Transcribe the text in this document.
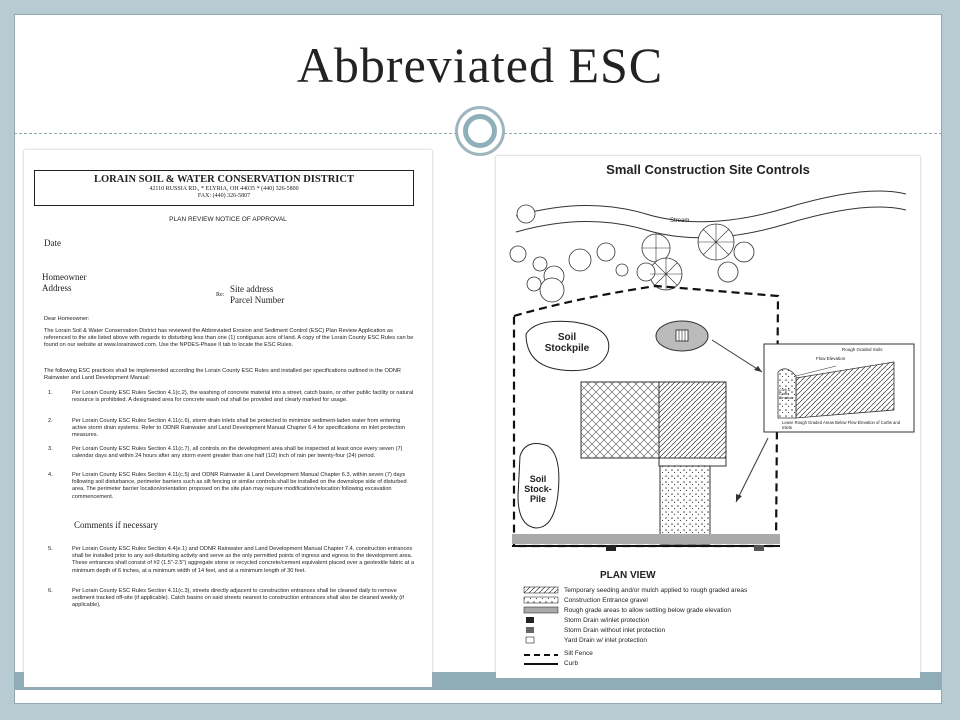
Abbreviated ESC
LORAIN SOIL & WATER CONSERVATION DISTRICT
42110 RUSSIA RD., * ELYRIA, OH 44035 * (440) 326-5800
FAX: (440) 326-5807
PLAN REVIEW NOTICE OF APPROVAL
Date
Homeowner
Address
Re:
Site address
Parcel Number
Dear Homeowner:
The Lorain Soil & Water Conservation District has reviewed the Abbreviated Erosion and Sediment Control (ESC) Plan Review Application as referenced to the site listed above with regards to disturbing less than one (1) contiguous acre of land. A copy of the Lorain County ESC Rules can be found on our website at www.lorainswcd.com. Use the NPDES-Phase II tab to locate the ESC Rules.
The following ESC practices shall be implemented according the Lorain County ESC Rules and installed per specifications outlined in the ODNR Rainwater and Land Development Manual:
1.	Per Lorain County ESC Rules Section 4.1(c.2), the washing of concrete material into a street, catch basin, or other public facility or natural resource is prohibited. A designated area for concrete wash out shall be provided and clearly marked for usage.
2.	Per Lorain County ESC Rules Section 4.11(c.6), storm drain inlets shall be protected to minimize sediment-laden water from entering active storm drain systems. Refer to ODNR Rainwater and Land Development Manual Chapter 6.4 for specifications on inlet protection measures.
3.	Per Lorain County ESC Rules Section 4.11(c.7), all controls on the development area shall be inspected at least once every seven (7) calendar days and within 24 hours after any storm event greater than one half (1/2) inch of rain per twenty-four (24) period.
4.	Per Lorain County ESC Rules Section 4.11(c.5) and ODNR Rainwater & Land Development Manual Chapter 6.3, within seven (7) days following soil disturbance, perimeter barriers such as silt fencing or similar controls shall be installed on the downslope side of disturbed area. The perimeter barrier location/orientation proposed on the site plan may require modification/relocation following excavation commencement.
Comments if necessary
5.	Per Lorain County ESC Rules Section 4.4(e.1) and ODNR Rainwater and Land Development Manual Chapter 7.4, construction entrances shall be installed prior to any soil-disturbing activity and serve as the only permitted points of ingress and egress to the development area. These entrances shall consist of #2 (1.5"-2.5") aggregate stone or recycled concrete/cement equivalent placed over a geotextile fabric at a minimum depth of 6 inches, at a minimum width of 14 feet, and at a minimum length of 30 feet.
6.	Per Lorain County ESC Rules Section 4.11(c.3), streets directly adjacent to construction entrances shall be cleaned daily to remove sediment tracked off-site (if applicable). Catch basins on said streets nearest to construction entrances shall also be cleaned weekly (if applicable).
Small Construction Site Controls
Stream
Soil Stockpile
Soil
Stock-
Pile
Rough Graded Soils
Flow Elevation
Curb & Gutter Structure
Leave Rough Graded Areas Below Flow Elevation of Curbs and Inlets
PLAN VIEW
Temporary seeding and/or mulch applied to rough graded areas
Construction Entrance gravel
Rough grade areas to allow settling below grade elevation
Storm Drain w/inlet protection
Storm Drain without inlet protection
Yard Drain w/ inlet protection
Silt Fence
Curb
